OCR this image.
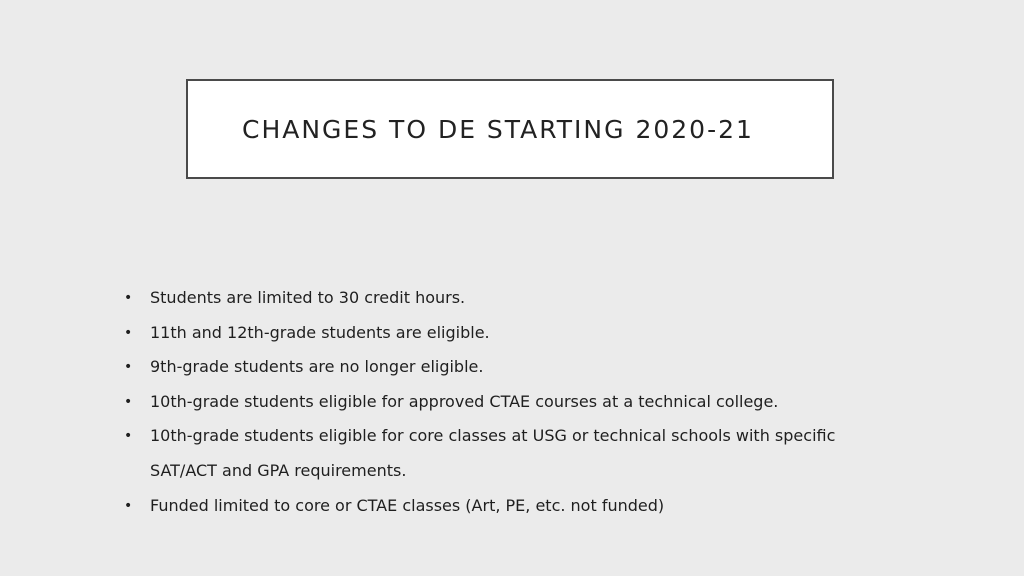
CHANGES TO DE STARTING 2020-21
•	Students are limited to 30 credit hours.
•	11th and 12th-grade students are eligible.
•	9th-grade students are no longer eligible.
•	10th-grade students eligible for approved CTAE courses at a technical college.
•	10th-grade students eligible for core classes at USG or technical schools with specific SAT/ACT and GPA requirements.
•	Funded limited to core or CTAE classes (Art, PE, etc. not funded)
